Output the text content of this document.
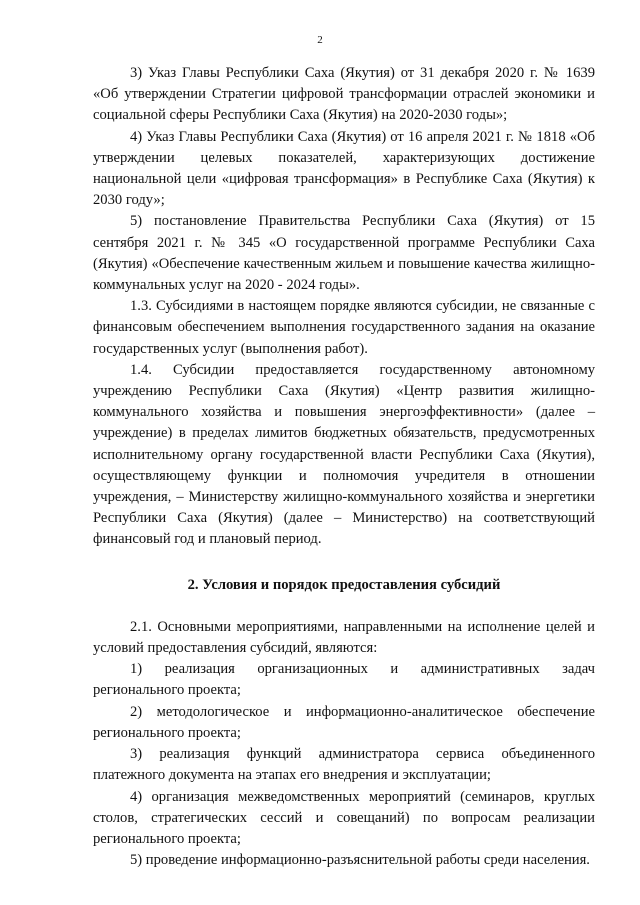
2

3) Указ Главы Республики Саха (Якутия) от 31 декабря 2020 г. № 1639 «Об утверждении Стратегии цифровой трансформации отраслей экономики и социальной сферы Республики Саха (Якутия) на 2020-2030 годы»;

4) Указ Главы Республики Саха (Якутия) от 16 апреля 2021 г. № 1818 «Об утверждении целевых показателей, характеризующих достижение национальной цели «цифровая трансформация» в Республике Саха (Якутия) к 2030 году»;

5) постановление Правительства Республики Саха (Якутия) от 15 сентября 2021 г. № 345 «О государственной программе Республики Саха (Якутия) «Обеспечение качественным жильем и повышение качества жилищно-коммунальных услуг на 2020 - 2024 годы».

1.3. Субсидиями в настоящем порядке являются субсидии, не связанные с финансовым обеспечением выполнения государственного задания на оказание государственных услуг (выполнения работ).

1.4. Субсидии предоставляется государственному автономному учреждению Республики Саха (Якутия) «Центр развития жилищно-коммунального хозяйства и повышения энергоэффективности» (далее – учреждение) в пределах лимитов бюджетных обязательств, предусмотренных исполнительному органу государственной власти Республики Саха (Якутия), осуществляющему функции и полномочия учредителя в отношении учреждения, – Министерству жилищно-коммунального хозяйства и энергетики Республики Саха (Якутия) (далее – Министерство) на соответствующий финансовый год и плановый период.

2. Условия и порядок предоставления субсидий

2.1. Основными мероприятиями, направленными на исполнение целей и условий предоставления субсидий, являются:

1) реализация организационных и административных задач регионального проекта;

2) методологическое и информационно-аналитическое обеспечение регионального проекта;

3) реализация функций администратора сервиса объединенного платежного документа на этапах его внедрения и эксплуатации;

4) организация межведомственных мероприятий (семинаров, круглых столов, стратегических сессий и совещаний) по вопросам реализации регионального проекта;

5) проведение информационно-разъяснительной работы среди населения.
